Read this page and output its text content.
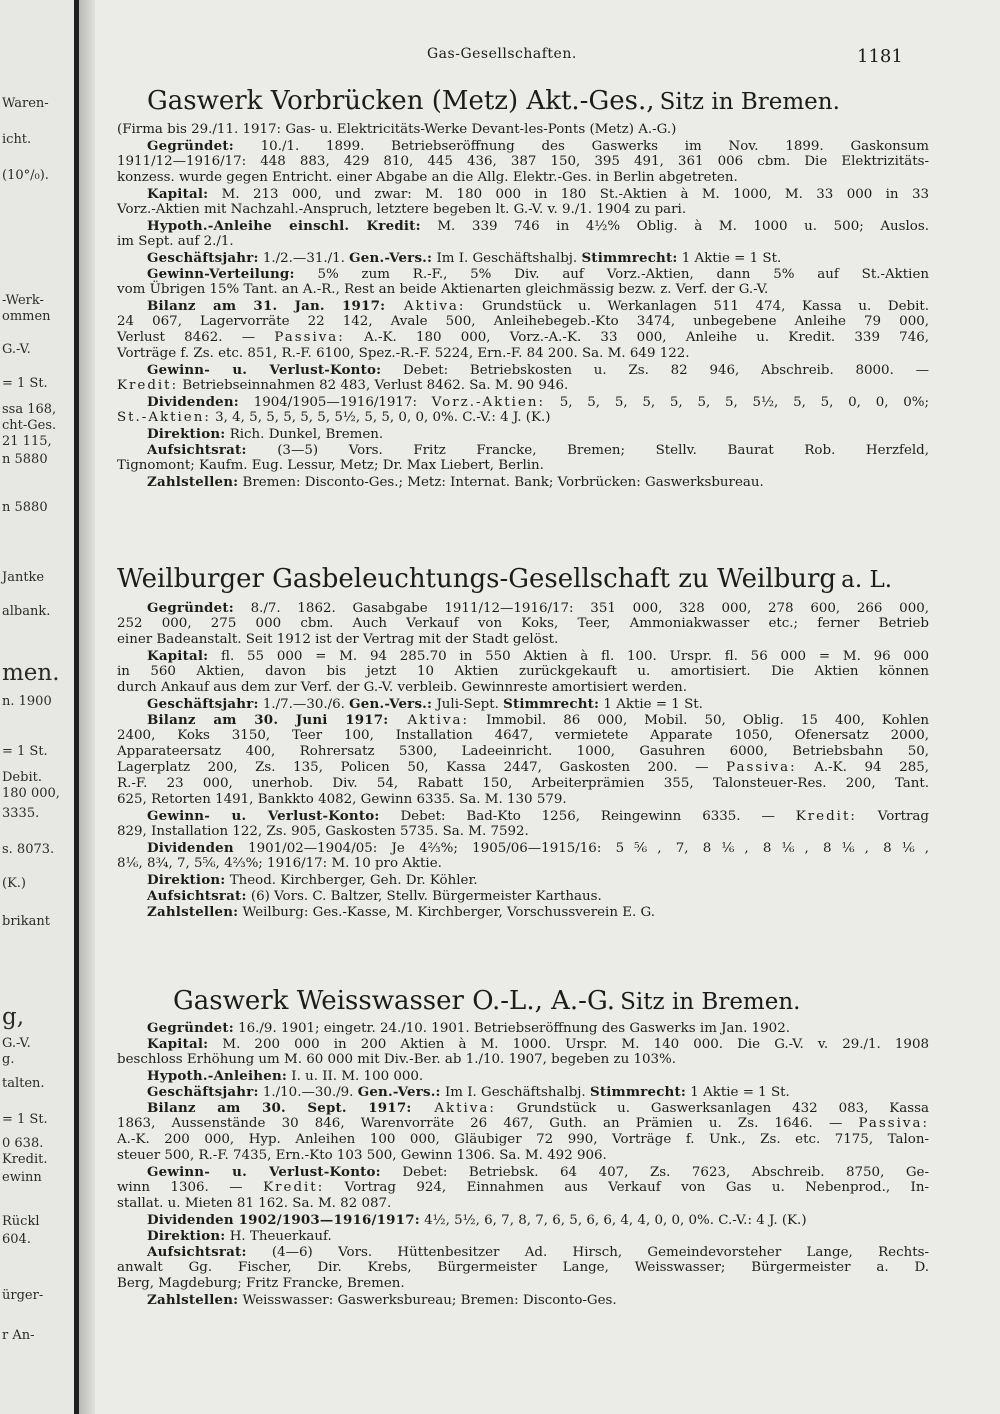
Waren-
icht.
(10°/₀).
-Werk-
ommen
G.-V.
= 1 St.
ssa 168,
cht-Ges.
21 115,
n 5880
n 5880
Jantke
albank.
men.
n. 1900
= 1 St.
Debit.
180 000,
3335.
s. 8073.
(K.)
brikant
g,
G.-V.
g.
talten.
= 1 St.
0 638.
Kredit.
ewinn
Rückl
604.
ürger-
r An-
Gas-Gesellschaften.	1181
Gaswerk Vorbrücken (Metz) Akt.-Ges., Sitz in Bremen.
(Firma bis 29./11. 1917: Gas- u. Elektricitäts-Werke Devant-les-Ponts (Metz) A.-G.)
Gegründet: 10./1. 1899. Betriebseröffnung des Gaswerks im Nov. 1899. Gaskonsum
1911/12—1916/17: 448 883, 429 810, 445 436, 387 150, 395 491, 361 006 cbm. Die Elektrizitäts-
konzess. wurde gegen Entricht. einer Abgabe an die Allg. Elektr.-Ges. in Berlin abgetreten.
Kapital: M. 213 000, und zwar: M. 180 000 in 180 St.-Aktien à M. 1000, M. 33 000 in 33
Vorz.-Aktien mit Nachzahl.-Anspruch, letztere begeben lt. G.-V. v. 9./1. 1904 zu pari.
Hypoth.-Anleihe einschl. Kredit: M. 339 746 in 4½% Oblig. à M. 1000 u. 500; Auslos.
im Sept. auf 2./1.
Geschäftsjahr: 1./2.—31./1. Gen.-Vers.: Im I. Geschäftshalbj. Stimmrecht: 1 Aktie = 1 St.
Gewinn-Verteilung: 5% zum R.-F., 5% Div. auf Vorz.-Aktien, dann 5% auf St.-Aktien
vom Übrigen 15% Tant. an A.-R., Rest an beide Aktienarten gleichmässig bezw. z. Verf. der G.-V.
Bilanz am 31. Jan. 1917: Aktiva: Grundstück u. Werkanlagen 511 474, Kassa u. Debit.
24 067, Lagervorräte 22 142, Avale 500, Anleihebegeb.-Kto 3474, unbegebene Anleihe 79 000,
Verlust 8462. — Passiva: A.-K. 180 000, Vorz.-A.-K. 33 000, Anleihe u. Kredit. 339 746,
Vorträge f. Zs. etc. 851, R.-F. 6100, Spez.-R.-F. 5224, Ern.-F. 84 200. Sa. M. 649 122.
Gewinn- u. Verlust-Konto: Debet: Betriebskosten u. Zs. 82 946, Abschreib. 8000. —
Kredit: Betriebseinnahmen 82 483, Verlust 8462. Sa. M. 90 946.
Dividenden: 1904/1905—1916/1917: Vorz.-Aktien: 5, 5, 5, 5, 5, 5, 5, 5½, 5, 5, 0, 0, 0%;
St.-Aktien: 3, 4, 5, 5, 5, 5, 5, 5½, 5, 5, 0, 0, 0%. C.-V.: 4 J. (K.)
Direktion: Rich. Dunkel, Bremen.
Aufsichtsrat: (3—5) Vors. Fritz Francke, Bremen; Stellv. Baurat Rob. Herzfeld,
Tignomont; Kaufm. Eug. Lessur, Metz; Dr. Max Liebert, Berlin.
Zahlstellen: Bremen: Disconto-Ges.; Metz: Internat. Bank; Vorbrücken: Gaswerksbureau.
Weilburger Gasbeleuchtungs-Gesellschaft zu Weilburg a. L.
Gegründet: 8./7. 1862. Gasabgabe 1911/12—1916/17: 351 000, 328 000, 278 600, 266 000,
252 000, 275 000 cbm. Auch Verkauf von Koks, Teer, Ammoniakwasser etc.; ferner Betrieb
einer Badeanstalt. Seit 1912 ist der Vertrag mit der Stadt gelöst.
Kapital: fl. 55 000 = M. 94 285.70 in 550 Aktien à fl. 100. Urspr. fl. 56 000 = M. 96 000
in 560 Aktien, davon bis jetzt 10 Aktien zurückgekauft u. amortisiert. Die Aktien können
durch Ankauf aus dem zur Verf. der G.-V. verbleib. Gewinnreste amortisiert werden.
Geschäftsjahr: 1./7.—30./6. Gen.-Vers.: Juli-Sept. Stimmrecht: 1 Aktie = 1 St.
Bilanz am 30. Juni 1917: Aktiva: Immobil. 86 000, Mobil. 50, Oblig. 15 400, Kohlen
2400, Koks 3150, Teer 100, Installation 4647, vermietete Apparate 1050, Ofenersatz 2000,
Apparateersatz 400, Rohrersatz 5300, Ladeeinricht. 1000, Gasuhren 6000, Betriebsbahn 50,
Lagerplatz 200, Zs. 135, Policen 50, Kassa 2447, Gaskosten 200. — Passiva: A.-K. 94 285,
R.-F. 23 000, unerhob. Div. 54, Rabatt 150, Arbeiterprämien 355, Talonsteuer-Res. 200, Tant.
625, Retorten 1491, Bankkto 4082, Gewinn 6335. Sa. M. 130 579.
Gewinn- u. Verlust-Konto: Debet: Bad-Kto 1256, Reingewinn 6335. — Kredit: Vortrag
829, Installation 122, Zs. 905, Gaskosten 5735. Sa. M. 7592.
Dividenden 1901/02—1904/05: Je 4⅔%; 1905/06—1915/16: 5⅚, 7, 8⅙, 8⅙, 8⅙, 8⅙,
8⅙, 8¾, 7, 5⅚, 4⅔%; 1916/17: M. 10 pro Aktie.
Direktion: Theod. Kirchberger, Geh. Dr. Köhler.
Aufsichtsrat: (6) Vors. C. Baltzer, Stellv. Bürgermeister Karthaus.
Zahlstellen: Weilburg: Ges.-Kasse, M. Kirchberger, Vorschussverein E. G.
Gaswerk Weisswasser O.-L., A.-G. Sitz in Bremen.
Gegründet: 16./9. 1901; eingetr. 24./10. 1901. Betriebseröffnung des Gaswerks im Jan. 1902.
Kapital: M. 200 000 in 200 Aktien à M. 1000. Urspr. M. 140 000. Die G.-V. v. 29./1. 1908
beschloss Erhöhung um M. 60 000 mit Div.-Ber. ab 1./10. 1907, begeben zu 103%.
Hypoth.-Anleihen: I. u. II. M. 100 000.
Geschäftsjahr: 1./10.—30./9. Gen.-Vers.: Im I. Geschäftshalbj. Stimmrecht: 1 Aktie = 1 St.
Bilanz am 30. Sept. 1917: Aktiva: Grundstück u. Gaswerksanlagen 432 083, Kassa
1863, Aussenstände 30 846, Warenvorräte 26 467, Guth. an Prämien u. Zs. 1646. — Passiva:
A.-K. 200 000, Hyp. Anleihen 100 000, Gläubiger 72 990, Vorträge f. Unk., Zs. etc. 7175, Talon-
steuer 500, R.-F. 7435, Ern.-Kto 103 500, Gewinn 1306. Sa. M. 492 906.
Gewinn- u. Verlust-Konto: Debet: Betriebsk. 64 407, Zs. 7623, Abschreib. 8750, Ge-
winn 1306. — Kredit: Vortrag 924, Einnahmen aus Verkauf von Gas u. Nebenprod., In-
stallat. u. Mieten 81 162. Sa. M. 82 087.
Dividenden 1902/1903—1916/1917: 4½, 5½, 6, 7, 8, 7, 6, 5, 6, 6, 4, 4, 0, 0, 0%. C.-V.: 4 J. (K.)
Direktion: H. Theuerkauf.
Aufsichtsrat: (4—6) Vors. Hüttenbesitzer Ad. Hirsch, Gemeindevorsteher Lange, Rechts-
anwalt Gg. Fischer, Dir. Krebs, Bürgermeister Lange, Weisswasser; Bürgermeister a. D.
Berg, Magdeburg; Fritz Francke, Bremen.
Zahlstellen: Weisswasser: Gaswerksbureau; Bremen: Disconto-Ges.
